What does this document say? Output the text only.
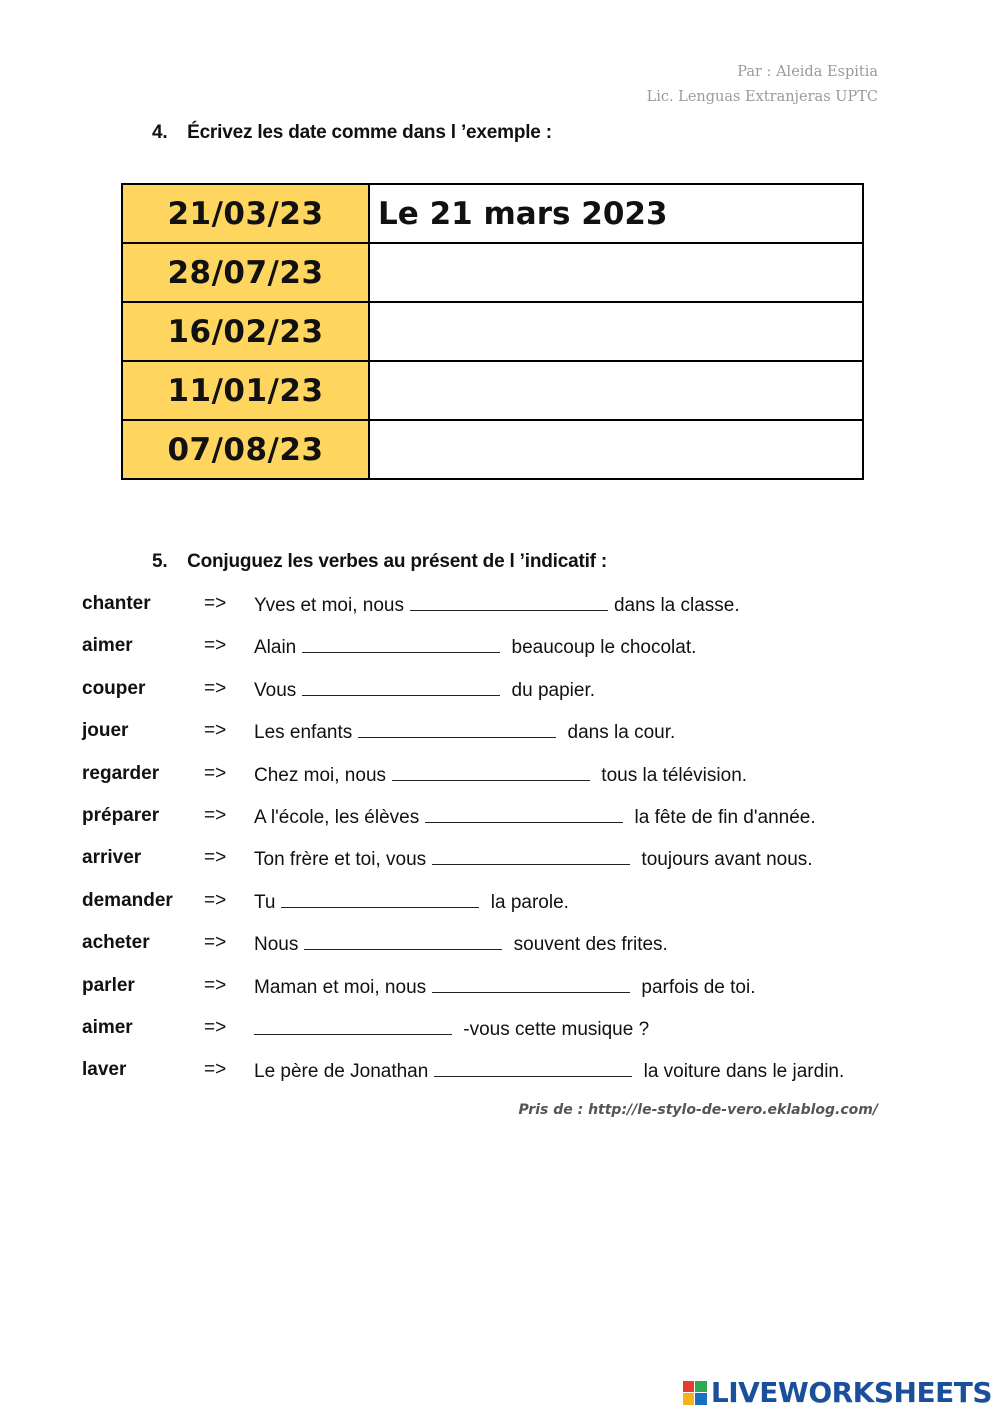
Par : Aleida Espitia
Lic. Lenguas Extranjeras UPTC
4. Écrivez les date comme dans l ’exemple :
21/03/23	Le 21 mars 2023
28/07/23	
16/02/23	
11/01/23	
07/08/23	
5. Conjuguez les verbes au présent de l ’indicatif :
chanter	=> Yves et moi, nous	dans la classe.
aimer	=> Alain	beaucoup le chocolat.
couper	=> Vous	du papier.
jouer	=> Les enfants	dans la cour.
regarder => Chez moi, nous	tous la télévision.
préparer => A l'école, les élèves	la fête de fin d'année.
arriver	=> Ton frère et toi, vous	toujours avant nous.
demander => Tu	la parole.
acheter	=> Nous	souvent des frites.
parler	=> Maman et moi, nous	parfois de toi.
aimer	=>	-vous cette musique ?
laver	=> Le père de Jonathan	la voiture dans le jardin.
Pris de : http://le-stylo-de-vero.eklablog.com/
LIVEWORKSHEETS
